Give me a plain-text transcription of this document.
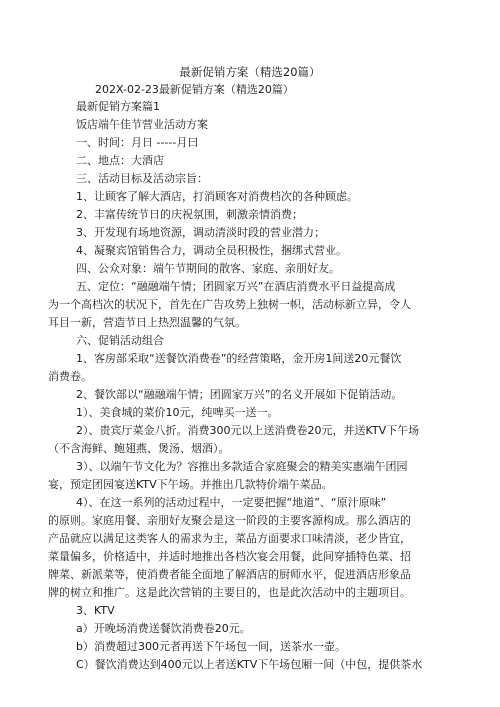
最新促销方案（精选20篇）
202X-02-23最新促销方案（精选20篇）
最新促销方案篇1
饭店端午佳节营业活动方案
一、时间：月日 -----月曰
二、地点：大酒店
三、活动目标及活动宗旨：
1、让顾客了解大酒店，打消顾客对消费档次的各种顾虑。
2、丰富传统节日的庆祝氛围，刺激亲情消费；
3、开发现有场地资源，调动清淡时段的营业潜力；
4、凝聚宾馆销售合力，调动全员积极性，捆绑式营业。
四、公众对象：端午节期间的散客、家庭、亲朋好友。
五、定位：“融融端午情；团圆家万兴”在酒店消费水平日益提高成
为一个高档次的状况下，首先在广告攻势上独树一帜，活动标新立异，令人
耳目一新，营造节日上热烈温馨的气氛。
六、促销活动组合
1、客房部采取“送餐饮消费卷”的经营策略，金开房1间送20元餐饮
消费卷。
2、餐饮部以“融融端午情；团圆家万兴”的名义开展如下促销活动。
1）、美食城的菜价10元，纯啤买一送一。
2）、贵宾厅菜金八折。消费300元以上送消费卷20元，并送KTV下午场
（不含海鲜、鲍翅燕、煲汤、烟酒）。
3）、以端午节文化为？容推出多款适合家庭聚会的精美实惠端午团园
宴，预定团园宴送KTV下午场。并推出几款特价端午菜品。
4）、在这一系列的活动过程中，一定要把握“地道”、“原汁原味”
的原则。家庭用餐、亲朋好友聚会是这一阶段的主要客源构成。那么酒店的
产品就应以满足这类客人的需求为主，菜品方面要求口味清淡，老少皆宜，
菜量偏多，价格适中，并适时地推出各档次宴会用餐，此间穿插特色菜、招
牌菜、新派菜等，使消费者能全面地了解酒店的厨师水平，促进酒店形象品
牌的树立和推广。这是此次营销的主要目的，也是此次活动中的主题项目。
3、KTV
a）开晚场消费送餐饮消费卷20元。
b）消费超过300元者再送下午场包一间，送茶水一壶。
C）餐饮消费达到400元以上者送KTV下午场包厢一间（中包，提供茶水
